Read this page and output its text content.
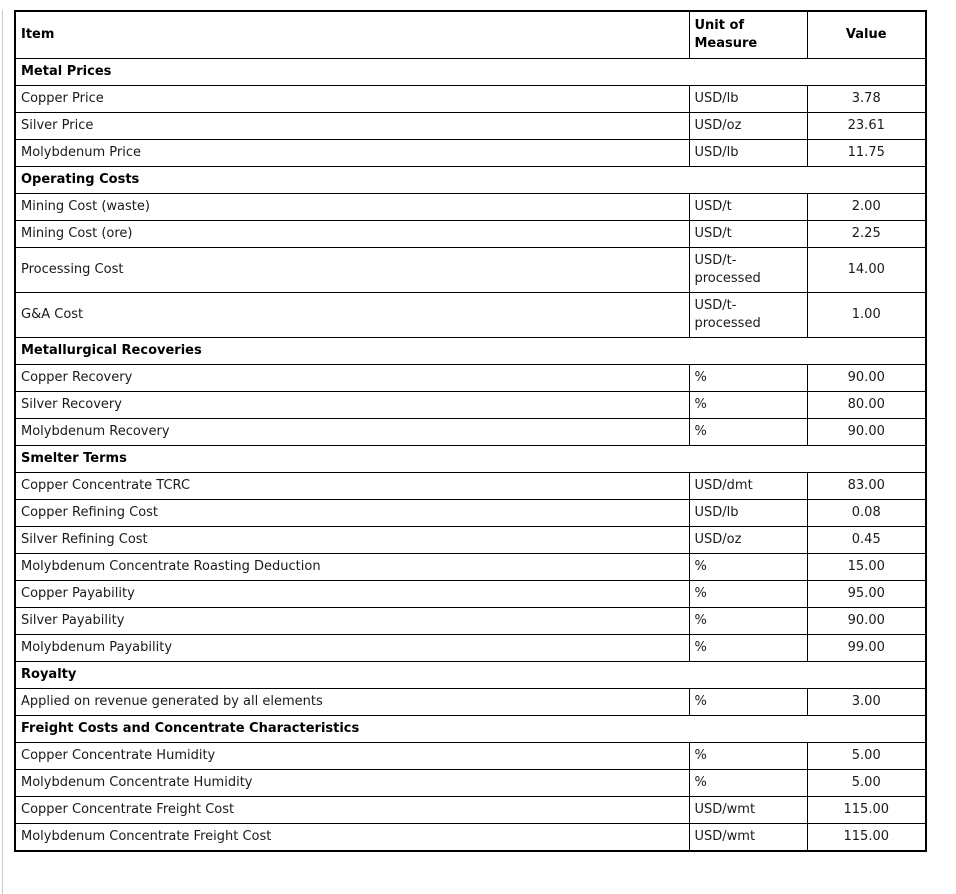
Item	Unit of Measure	Value
Metal Prices		
Copper Price	USD/lb	3.78
Silver Price	USD/oz	23.61
Molybdenum Price	USD/lb	11.75
Operating Costs		
Mining Cost (waste)	USD/t	2.00
Mining Cost (ore)	USD/t	2.25
Processing Cost	USD/t-processed	14.00
G&A Cost	USD/t-processed	1.00
Metallurgical Recoveries		
Copper Recovery	%	90.00
Silver Recovery	%	80.00
Molybdenum Recovery	%	90.00
Smelter Terms		
Copper Concentrate TCRC	USD/dmt	83.00
Copper Refining Cost	USD/lb	0.08
Silver Refining Cost	USD/oz	0.45
Molybdenum Concentrate Roasting Deduction	%	15.00
Copper Payability	%	95.00
Silver Payability	%	90.00
Molybdenum Payability	%	99.00
Royalty		
Applied on revenue generated by all elements	%	3.00
Freight Costs and Concentrate Characteristics		
Copper Concentrate Humidity	%	5.00
Molybdenum Concentrate Humidity	%	5.00
Copper Concentrate Freight Cost	USD/wmt	115.00
Molybdenum Concentrate Freight Cost	USD/wmt	115.00
